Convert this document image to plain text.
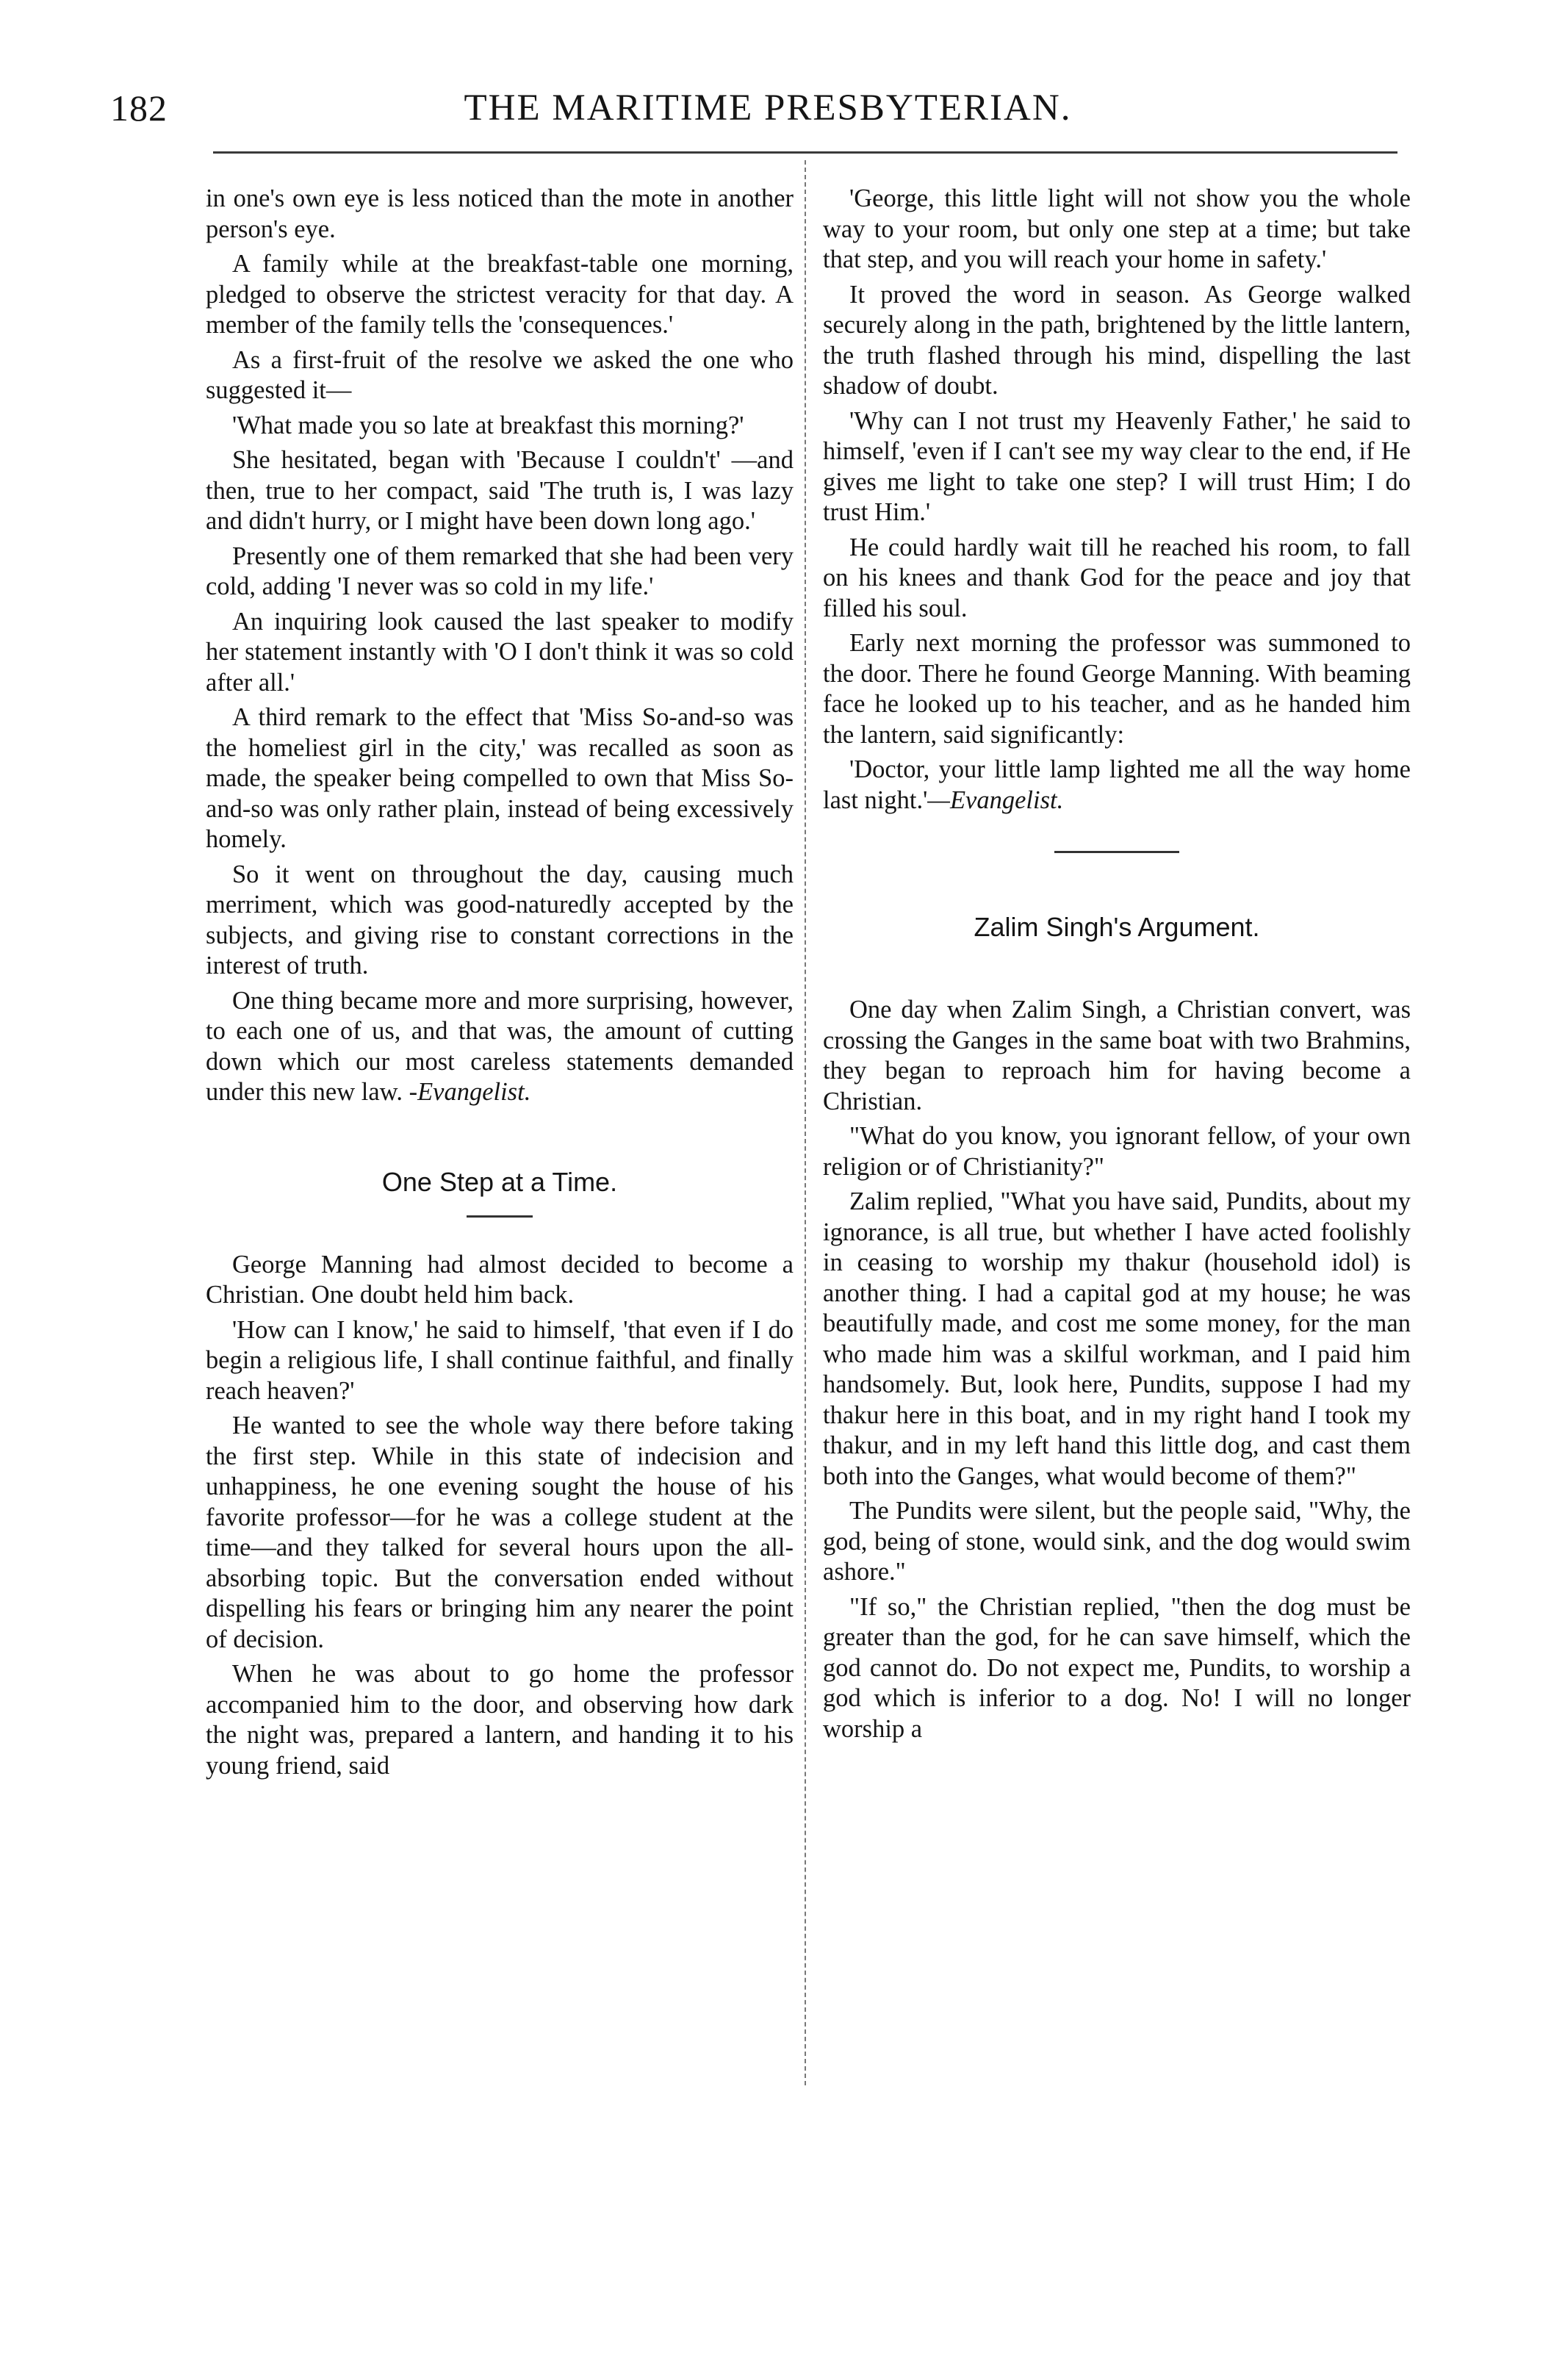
182	THE MARITIME PRESBYTERIAN.

in one's own eye is less noticed than the mote in another person's eye.

A family while at the breakfast-table one morning, pledged to observe the strictest veracity for that day. A member of the family tells the 'consequences.'

As a first-fruit of the resolve we asked the one who suggested it—

'What made you so late at breakfast this morning?'

She hesitated, began with 'Because I couldn't' —and then, true to her compact, said 'The truth is, I was lazy and didn't hurry, or I might have been down long ago.'

Presently one of them remarked that she had been very cold, adding 'I never was so cold in my life.'

An inquiring look caused the last speaker to modify her statement instantly with 'O I don't think it was so cold after all.'

A third remark to the effect that 'Miss So-and-so was the homeliest girl in the city,' was recalled as soon as made, the speaker being compelled to own that Miss So-and-so was only rather plain, instead of being excessively homely.

So it went on throughout the day, causing much merriment, which was good-naturedly accepted by the subjects, and giving rise to constant corrections in the interest of truth.

One thing became more and more surprising, however, to each one of us, and that was, the amount of cutting down which our most careless statements demanded under this new law. -Evangelist.

One Step at a Time.

George Manning had almost decided to become a Christian. One doubt held him back.

'How can I know,' he said to himself, 'that even if I do begin a religious life, I shall continue faithful, and finally reach heaven?'

He wanted to see the whole way there before taking the first step. While in this state of indecision and unhappiness, he one evening sought the house of his favorite professor—for he was a college student at the time—and they talked for several hours upon the all-absorbing topic. But the conversation ended without dispelling his fears or bringing him any nearer the point of decision.

When he was about to go home the professor accompanied him to the door, and observing how dark the night was, prepared a lantern, and handing it to his young friend, said

'George, this little light will not show you the whole way to your room, but only one step at a time; but take that step, and you will reach your home in safety.'

It proved the word in season. As George walked securely along in the path, brightened by the little lantern, the truth flashed through his mind, dispelling the last shadow of doubt.

'Why can I not trust my Heavenly Father,' he said to himself, 'even if I can't see my way clear to the end, if He gives me light to take one step? I will trust Him; I do trust Him.'

He could hardly wait till he reached his room, to fall on his knees and thank God for the peace and joy that filled his soul.

Early next morning the professor was summoned to the door. There he found George Manning. With beaming face he looked up to his teacher, and as he handed him the lantern, said significantly:

'Doctor, your little lamp lighted me all the way home last night.'—Evangelist.

Zalim Singh's Argument.

One day when Zalim Singh, a Christian convert, was crossing the Ganges in the same boat with two Brahmins, they began to reproach him for having become a Christian.

"What do you know, you ignorant fellow, of your own religion or of Christianity?"

Zalim replied, "What you have said, Pundits, about my ignorance, is all true, but whether I have acted foolishly in ceasing to worship my thakur (household idol) is another thing. I had a capital god at my house; he was beautifully made, and cost me some money, for the man who made him was a skilful workman, and I paid him handsomely. But, look here, Pundits, suppose I had my thakur here in this boat, and in my right hand I took my thakur, and in my left hand this little dog, and cast them both into the Ganges, what would become of them?"

The Pundits were silent, but the people said, "Why, the god, being of stone, would sink, and the dog would swim ashore."

"If so," the Christian replied, "then the dog must be greater than the god, for he can save himself, which the god cannot do. Do not expect me, Pundits, to worship a god which is inferior to a dog. No! I will no longer worship a
